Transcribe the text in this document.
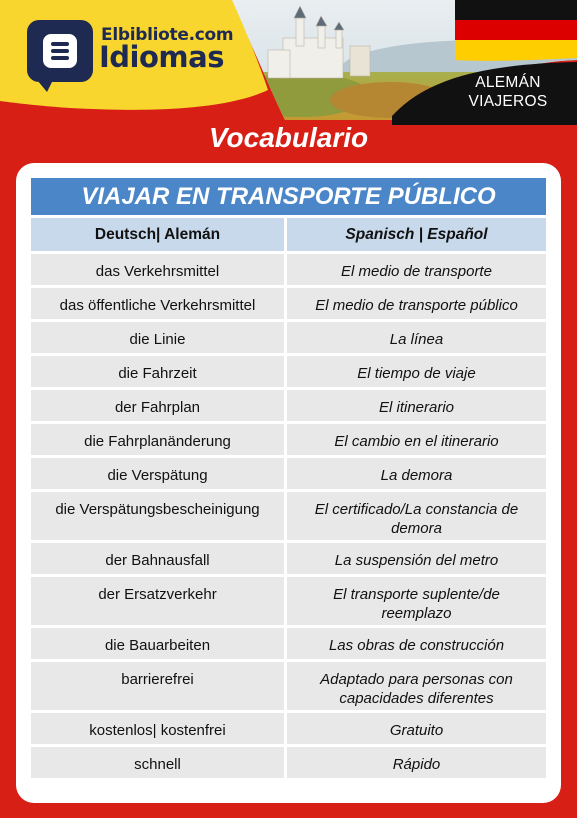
Elbibliote.com
Idiomas
ALEMÁN
VIAJEROS
Vocabulario
VIAJAR EN TRANSPORTE PÚBLICO
Deutsch| Alemán	Spanisch | Español
das Verkehrsmittel	El medio de transporte
das öffentliche Verkehrsmittel	El medio de transporte público
die Linie	La línea
die Fahrzeit	El tiempo de viaje
der Fahrplan	El itinerario
die Fahrplanänderung	El cambio en el itinerario
die Verspätung	La demora
die Verspätungsbescheinigung	El certificado/La constancia de demora
der Bahnausfall	La suspensión del metro
der Ersatzverkehr	El transporte suplente/de reemplazo
die Bauarbeiten	Las obras de construcción
barrierefrei	Adaptado para personas con capacidades diferentes
kostenlos| kostenfrei	Gratuito
schnell	Rápido
